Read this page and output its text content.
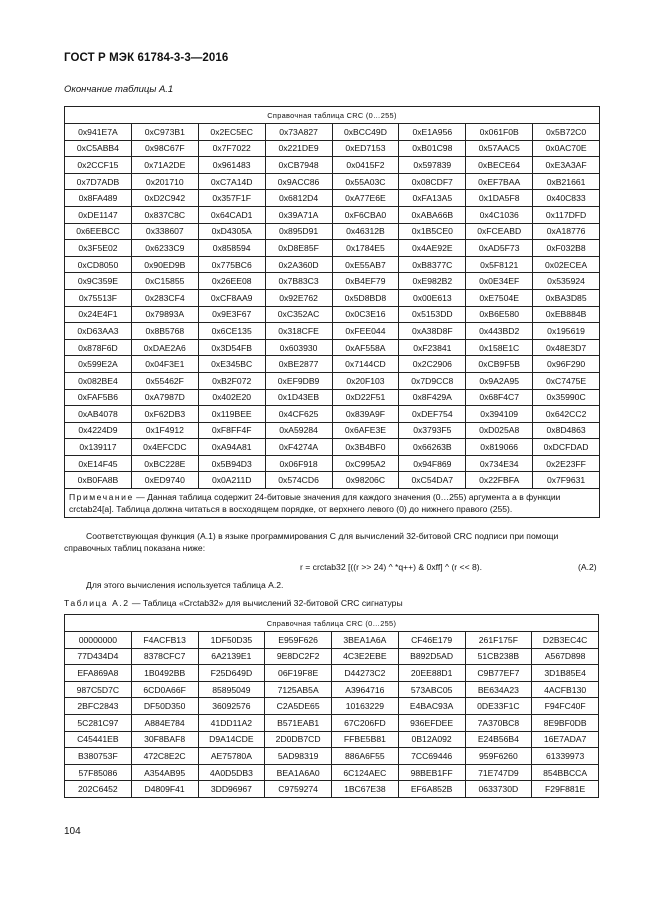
ГОСТ Р МЭК 61784-3-3—2016
Окончание таблицы А.1
Справочная таблица CRC (0…255)							
0x941E7A	0xC973B1	0x2EC5EC	0x73A827	0xBCC49D	0xE1A956	0x061F0B	0x5B72C0
0xC5ABB4	0x98C67F	0x7F7022	0x221DE9	0xED7153	0xB01C98	0x57AAC5	0x0AC70E
0x2CCF15	0x71A2DE	0x961483	0xCB7948	0x0415F2	0x597839	0xBECE64	0xE3A3AF
0x7D7ADB	0x201710	0xC7A14D	0x9ACC86	0x55A03C	0x08CDF7	0xEF7BAA	0xB21661
0x8FA489	0xD2C942	0x357F1F	0x6812D4	0xA77E6E	0xFA13A5	0x1DA5F8	0x40C833
0xDE1147	0x837C8C	0x64CAD1	0x39A71A	0xF6CBA0	0xABA66B	0x4C1036	0x117DFD
0x6EEBCC	0x338607	0xD4305A	0x895D91	0x46312B	0x1B5CE0	0xFCEABD	0xA18776
0x3F5E02	0x6233C9	0x858594	0xD8E85F	0x1784E5	0x4AE92E	0xAD5F73	0xF032B8
0xCD8050	0x90ED9B	0x775BC6	0x2A360D	0xE55AB7	0xB8377C	0x5F8121	0x02ECEA
0x9C359E	0xC15855	0x26EE08	0x7B83C3	0xB4EF79	0xE982B2	0x0E34EF	0x535924
0x75513F	0x283CF4	0xCF8AA9	0x92E762	0x5D8BD8	0x00E613	0xE7504E	0xBA3D85
0x24E4F1	0x79893A	0x9E3F67	0xC352AC	0x0C3E16	0x5153DD	0xB6E580	0xEB884B
0xD63AA3	0x8B5768	0x6CE135	0x318CFE	0xFEE044	0xA38D8F	0x443BD2	0x195619
0x878F6D	0xDAE2A6	0x3D54FB	0x603930	0xAF558A	0xF23841	0x158E1C	0x48E3D7
0x599E2A	0x04F3E1	0xE345BC	0xBE2877	0x7144CD	0x2C2906	0xCB9F5B	0x96F290
0x082BE4	0x55462F	0xB2F072	0xEF9DB9	0x20F103	0x7D9CC8	0x9A2A95	0xC7475E
0xFAF5B6	0xA7987D	0x402E20	0x1D43EB	0xD22F51	0x8F429A	0x68F4C7	0x35990C
0xAB4078	0xF62DB3	0x119BEE	0x4CF625	0x839A9F	0xDEF754	0x394109	0x642CC2
0x4224D9	0x1F4912	0xF8FF4F	0xA59284	0x6AFE3E	0x3793F5	0xD025A8	0x8D4863
0x139117	0x4EFCDC	0xA94A81	0xF4274A	0x3B4BF0	0x66263B	0x819066	0xDCFDAD
0xE14F45	0xBC228E	0x5B94D3	0x06F918	0xC995A2	0x94F869	0x734E34	0x2E23FF
0xB0FA8B	0xED9740	0x0A211D	0x574CD6	0x98206C	0xC54DA7	0x22FBFA	0x7F9631
Примечание — Данная таблица содержит 24-битовые значения для каждого значения (0…255) аргумента a в функции crctab24[a]. Таблица должна читаться в восходящем порядке, от верхнего левого (0) до нижнего правого (255).							
Соответствующая функция (А.1) в языке программирования C для вычислений 32-битовой CRC подписи при помощи справочных таблиц показана ниже:
r = crctab32 [((r >> 24) ^ *q++) & 0xff] ^ (r << 8).	(A.2)
Для этого вычисления используется таблица А.2.
Таблица А.2 — Таблица «Crctab32» для вычислений 32-битовой CRC сигнатуры
Справочная таблица CRC (0…255)							
00000000	F4ACFB13	1DF50D35	E959F626	3BEA1A6A	CF46E179	261F175F	D2B3EC4C
77D434D4	8378CFC7	6A2139E1	9E8DC2F2	4C3E2EBE	B892D5AD	51CB238B	A567D898
EFA869A8	1B0492BB	F25D649D	06F19F8E	D44273C2	20EE88D1	C9B77EF7	3D1B85E4
987C5D7C	6CD0A66F	85895049	7125AB5A	A3964716	573ABC05	BE634A23	4ACFB130
2BFC2843	DF50D350	36092576	C2A5DE65	10163229	E4BAC93A	0DE33F1C	F94FC40F
5C281C97	A884E784	41DD11A2	B571EAB1	67C206FD	936EFDEE	7A370BC8	8E9BF0DB
C45441EB	30F8BAF8	D9A14CDE	2D0DB7CD	FFBE5B81	0B12A092	E24B56B4	16E7ADA7
B380753F	472C8E2C	AE75780A	5AD98319	886A6F55	7CC69446	959F6260	61339973
57F85086	A354AB95	4A0D5DB3	BEA1A6A0	6C124AEC	98BEB1FF	71E747D9	854BBCCA
202C6452	D4809F41	3DD96967	C9759274	1BC67E38	EF6A852B	0633730D	F29F881E
104
